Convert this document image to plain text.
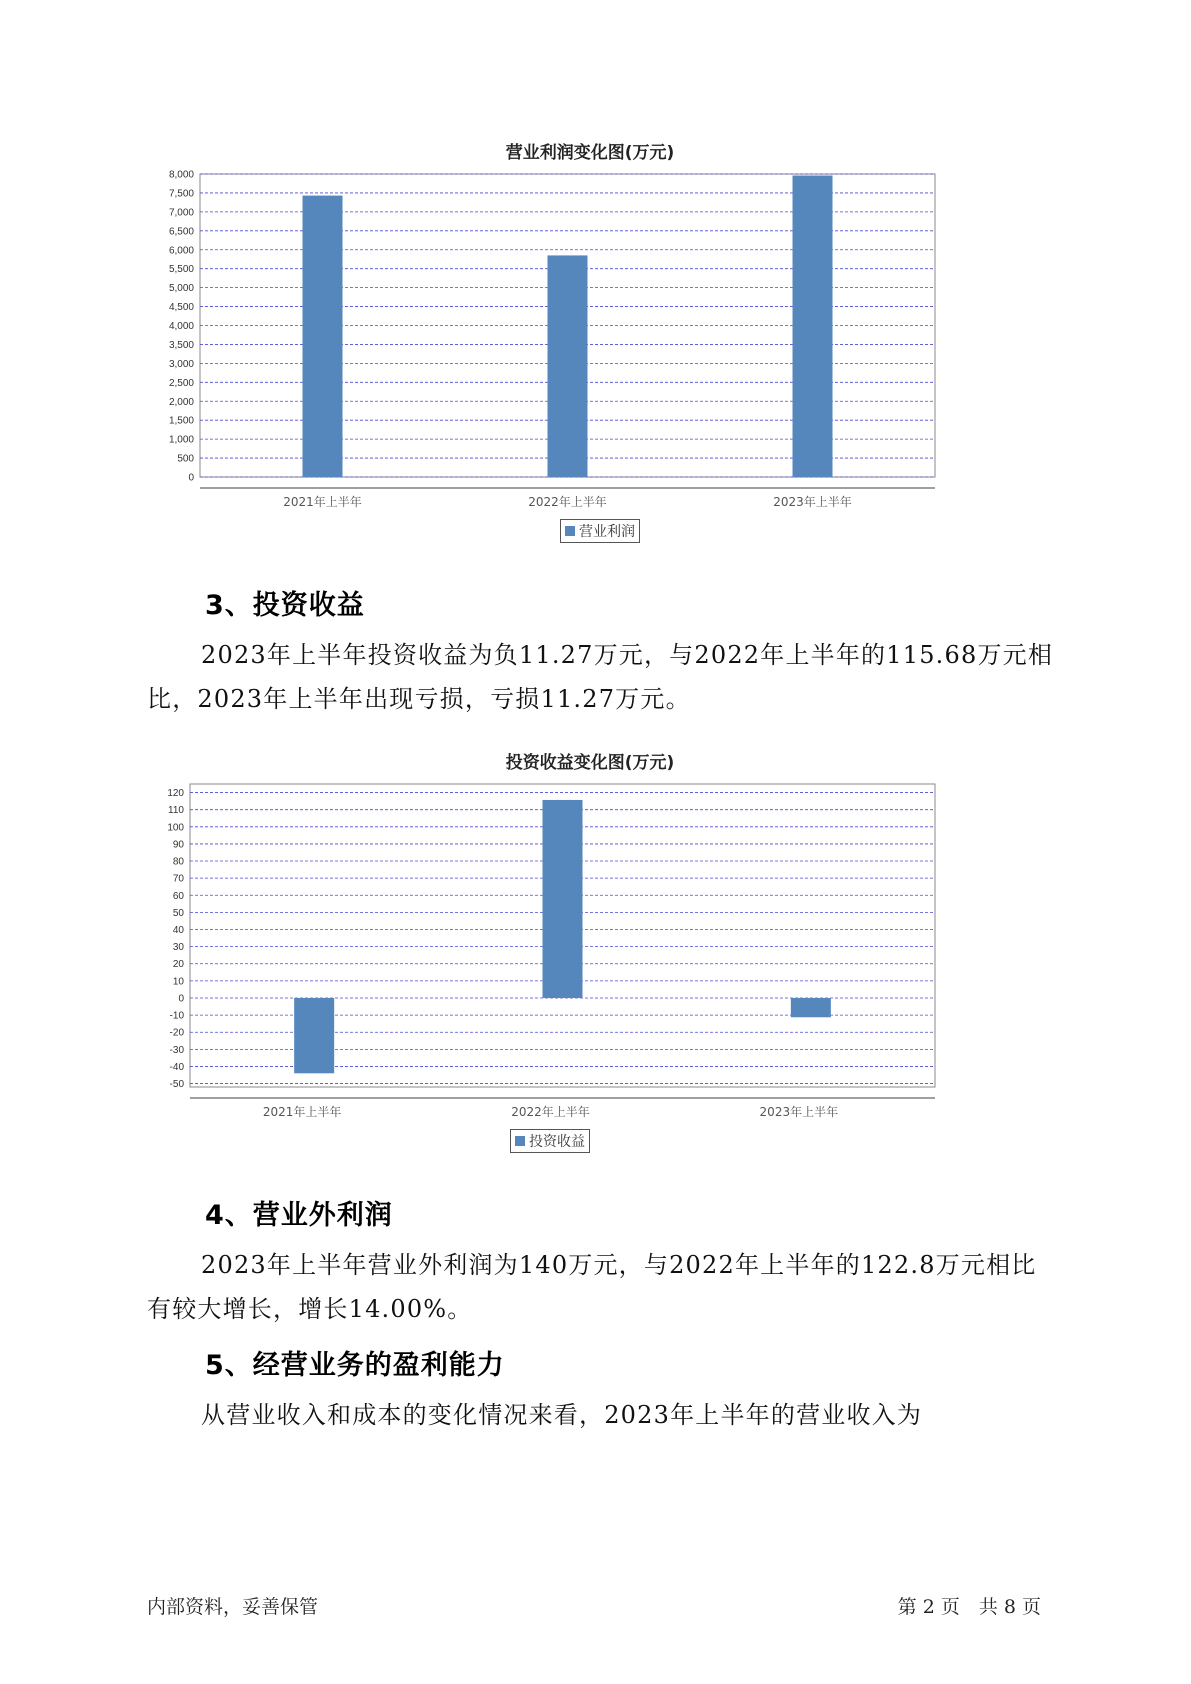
营业利润变化图(万元)
0
500
1,000
1,500
2,000
2,500
3,000
3,500
4,000
4,500
5,000
5,500
6,000
6,500
7,000
7,500
8,000
2021年上半年	2022年上半年	2023年上半年
营业利润
3、投资收益

2023年上半年投资收益为负11.27万元，与2022年上半年的115.68万元相比，2023年上半年出现亏损，亏损11.27万元。

投资收益变化图(万元)
-50
-40
-30
-20
-10
0
10
20
30
40
50
60
70
80
90
100
110
120
2021年上半年	2022年上半年	2023年上半年
投资收益
4、营业外利润

2023年上半年营业外利润为140万元，与2022年上半年的122.8万元相比有较大增长，增长14.00%。

5、经营业务的盈利能力

从营业收入和成本的变化情况来看，2023年上半年的营业收入为

内部资料，妥善保管	第 2 页　共 8 页
